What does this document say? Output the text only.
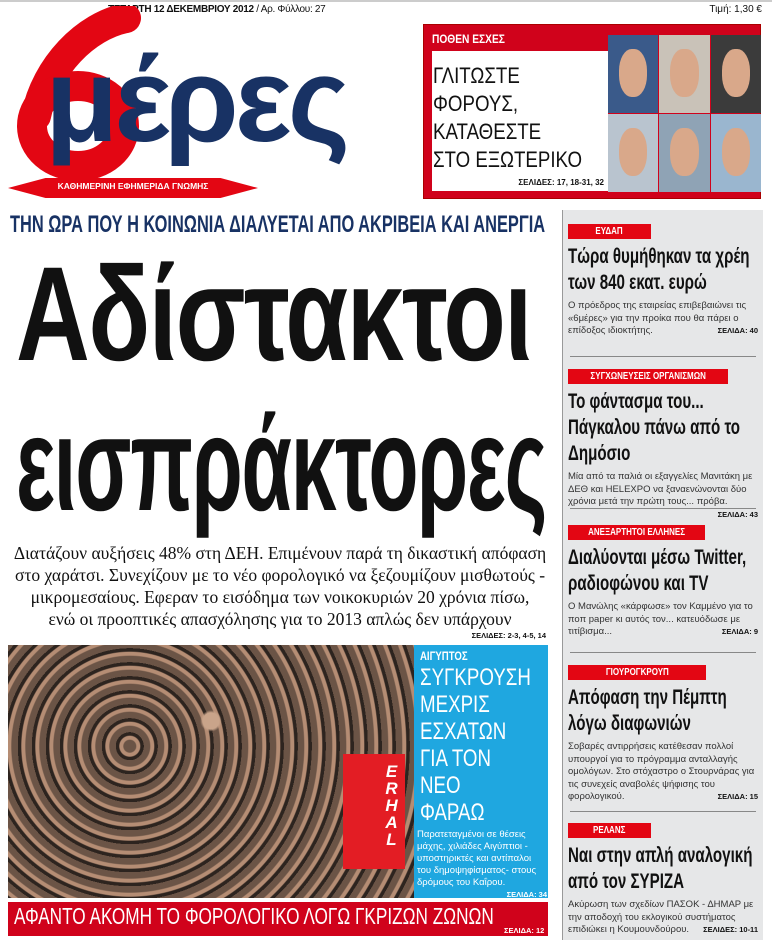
ΤΕΤΑΡΤΗ 12 ΔΕΚΕΜΒΡΙΟΥ 2012 / Αρ. Φύλλου: 27	Τιμή: 1,30 €
μέρες
ΚΑΘΗΜΕΡΙΝΗ ΕΦΗΜΕΡΙΔΑ ΓΝΩΜΗΣ
ΠΟΘΕΝ ΕΣΧΕΣ
ΓΛΙΤΩΣΤΕ
ΦΟΡΟΥΣ,
ΚΑΤΑΘΕΣΤΕ
ΣΤΟ ΕΞΩΤΕΡΙΚΟ
ΣΕΛΙΔΕΣ: 17, 18-31, 32
ΤΗΝ ΩΡΑ ΠΟΥ Η ΚΟΙΝΩΝΙΑ ΔΙΑΛΥΕΤΑΙ ΑΠΟ ΑΚΡΙΒΕΙΑ ΚΑΙ ΑΝΕΡΓΙΑ
Αδίστακτοι
εισπράκτορες
Διατάζουν αυξήσεις 48% στη ΔΕΗ. Επιμένουν παρά τη δικαστική απόφαση
στο χαράτσι. Συνεχίζουν με το νέο φορολογικό να ξεζουμίζουν μισθωτούς -
μικρομεσαίους. Εφεραν το εισόδημα των νοικοκυριών 20 χρόνια πίσω,
ενώ οι προοπτικές απασχόλησης για το 2013 απλώς δεν υπάρχουν
ΣΕΛΙΔΕΣ: 2-3, 4-5, 14
ERHAL
ΑΙΓΥΠΤΟΣ
ΣΥΓΚΡΟΥΣΗ
ΜΕΧΡΙΣ
ΕΣΧΑΤΩΝ
ΓΙΑ ΤΟΝ
ΝΕΟ
ΦΑΡΑΩ
Παρατεταγμένοι σε θέσεις μάχης, χιλιάδες Αιγύπτιοι - υποστηρικτές και αντίπαλοι του δημοψηφίσματος- στους δρόμους του Καΐρου.
ΣΕΛΙΔΑ: 34
ΑΦΑΝΤΟ ΑΚΟΜΗ ΤΟ ΦΟΡΟΛΟΓΙΚΟ ΛΟΓΩ ΓΚΡΙΖΩΝ ΖΩΝΩΝ
ΣΕΛΙΔΑ: 12
ΕΥΔΑΠ
Τώρα θυμήθηκαν τα χρέη των 840 εκατ. ευρώ
Ο πρόεδρος της εταιρείας επιβεβαιώνει τις «6μέρες» για την προίκα που θα πάρει ο επίδοξος ιδιοκτήτης.	ΣΕΛΙΔΑ: 40
ΣΥΓΧΩΝΕΥΣΕΙΣ ΟΡΓΑΝΙΣΜΩΝ
Το φάντασμα του... Πάγκαλου πάνω από το Δημόσιο
Μία από τα παλιά οι εξαγγελίες Μανιτάκη με ΔΕΘ και HELEXPO να ξαναενώνονται δύο χρόνια μετά την πρώτη τους... πρόβα.
ΣΕΛΙΔΑ: 43
ΑΝΕΞΑΡΤΗΤΟΙ ΕΛΛΗΝΕΣ
Διαλύονται μέσω Twitter, ραδιοφώνου και TV
Ο Μανώλης «κάρφωσε» τον Καμμένο για το ποπ paper κι αυτός τον... κατευόδωσε με τιτίβισμα...	ΣΕΛΙΔΑ: 9
ΓΙΟΥΡΟΓΚΡΟΥΠ
Απόφαση την Πέμπτη λόγω διαφωνιών
Σοβαρές αντιρρήσεις κατέθεσαν πολλοί υπουργοί για το πρόγραμμα ανταλλαγής ομολόγων. Στο στόχαστρο ο Στουρνάρας για τις συνεχείς αναβολές ψήφισης του φορολογικού.	ΣΕΛΙΔΑ: 15
ΡΕΛΑΝΣ
Ναι στην απλή αναλογική από τον ΣΥΡΙΖΑ
Ακύρωση των σχεδίων ΠΑΣΟΚ - ΔΗΜΑΡ με την αποδοχή του εκλογικού συστήματος επιδιώκει η Κουμουνδούρου. ΣΕΛΙΔΕΣ: 10-11
